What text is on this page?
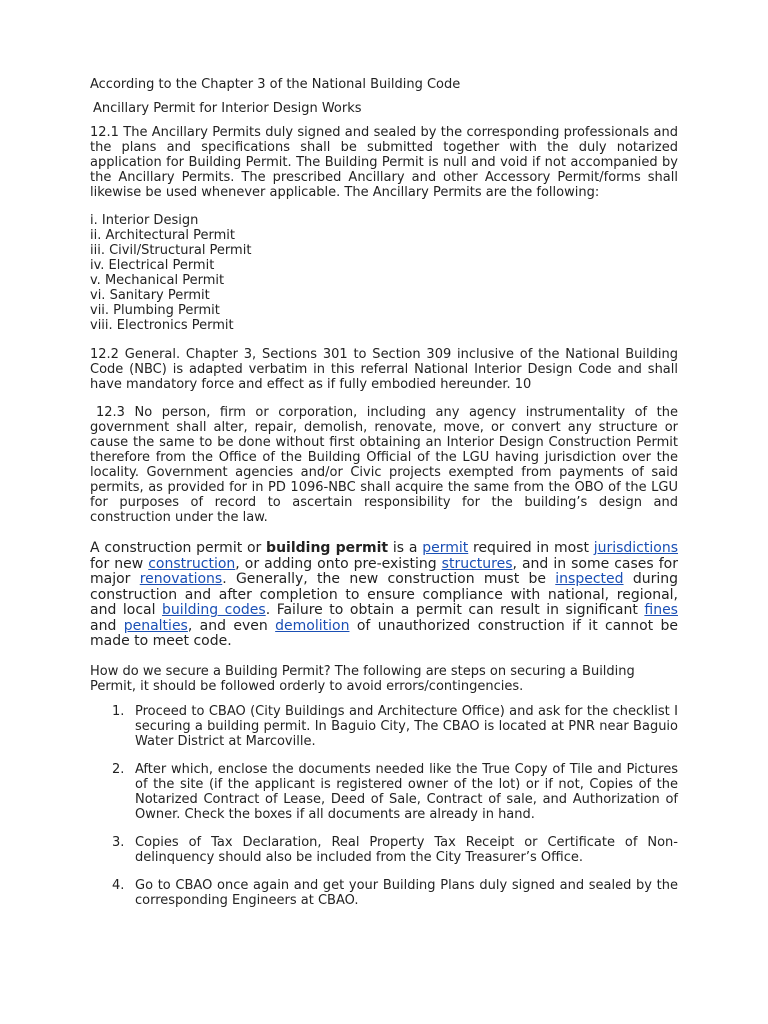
According to the Chapter 3 of the National Building Code

Ancillary Permit for Interior Design Works

12.1 The Ancillary Permits duly signed and sealed by the corresponding professionals and the plans and specifications shall be submitted together with the duly notarized application for Building Permit. The Building Permit is null and void if not accompanied by the Ancillary Permits. The prescribed Ancillary and other Accessory Permit/forms shall likewise be used whenever applicable. The Ancillary Permits are the following:

i. Interior Design
ii. Architectural Permit
iii. Civil/Structural Permit
iv. Electrical Permit
v. Mechanical Permit
vi. Sanitary Permit
vii. Plumbing Permit
viii. Electronics Permit

12.2 General. Chapter 3, Sections 301 to Section 309 inclusive of the National Building Code (NBC) is adapted verbatim in this referral National Interior Design Code and shall have mandatory force and effect as if fully embodied hereunder. 10

12.3 No person, firm or corporation, including any agency instrumentality of the government shall alter, repair, demolish, renovate, move, or convert any structure or cause the same to be done without first obtaining an Interior Design Construction Permit therefore from the Office of the Building Official of the LGU having jurisdiction over the locality. Government agencies and/or Civic projects exempted from payments of said permits, as provided for in PD 1096-NBC shall acquire the same from the OBO of the LGU for purposes of record to ascertain responsibility for the building’s design and construction under the law.

A construction permit or building permit is a permit required in most jurisdictions for new construction, or adding onto pre-existing structures, and in some cases for major renovations. Generally, the new construction must be inspected during construction and after completion to ensure compliance with national, regional, and local building codes. Failure to obtain a permit can result in significant fines and penalties, and even demolition of unauthorized construction if it cannot be made to meet code.

How do we secure a Building Permit? The following are steps on securing a Building Permit, it should be followed orderly to avoid errors/contingencies.

1. Proceed to CBAO (City Buildings and Architecture Office) and ask for the checklist I securing a building permit. In Baguio City, The CBAO is located at PNR near Baguio Water District at Marcoville.
2. After which, enclose the documents needed like the True Copy of Tile and Pictures of the site (if the applicant is registered owner of the lot) or if not, Copies of the Notarized Contract of Lease, Deed of Sale, Contract of sale, and Authorization of Owner. Check the boxes if all documents are already in hand.
3. Copies of Tax Declaration, Real Property Tax Receipt or Certificate of Non-delinquency should also be included from the City Treasurer’s Office.
4. Go to CBAO once again and get your Building Plans duly signed and sealed by the corresponding Engineers at CBAO.
